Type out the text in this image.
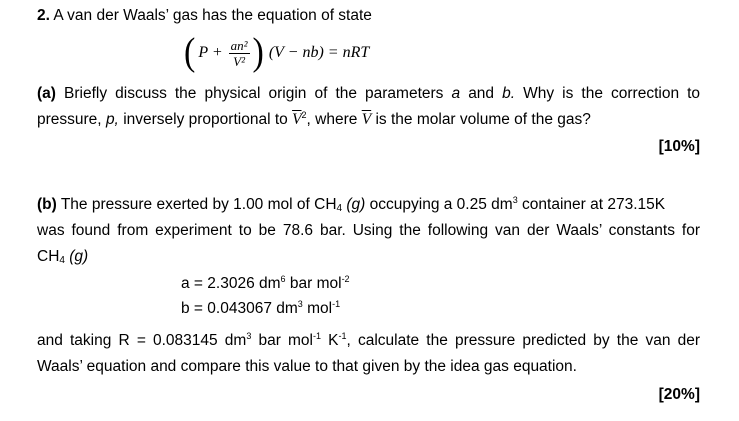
2. A van der Waals’ gas has the equation of state
( $P + \frac{\text{an²}}{\text{V²}}$ ) (V − nb) = nRT
(a) Briefly discuss the physical origin of the parameters a and b. Why is the correction to
pressure, p, inversely proportional to $\overline{V}^2$, where $\overline{V}$ is the molar volume of the gas?
[10%]
(b) The pressure exerted by 1.00 mol of $CH_4$ (g) occupying a 0.25 $dm^3$ container at 273.15K
was found from experiment to be 78.6 bar. Using the following van der Waals’ constants for
$CH_4$ (g)
a = 2.3026 $dm^6$ bar mol$^{-2}$
b = 0.043067 $dm^3$ mol$^{-1}$
and taking R = 0.083145 $dm^3$ bar mol$^{-1}$ $K^{-1}$, calculate the pressure predicted by the van der
Waals’ equation and compare this value to that given by the idea gas equation.
[20%]
